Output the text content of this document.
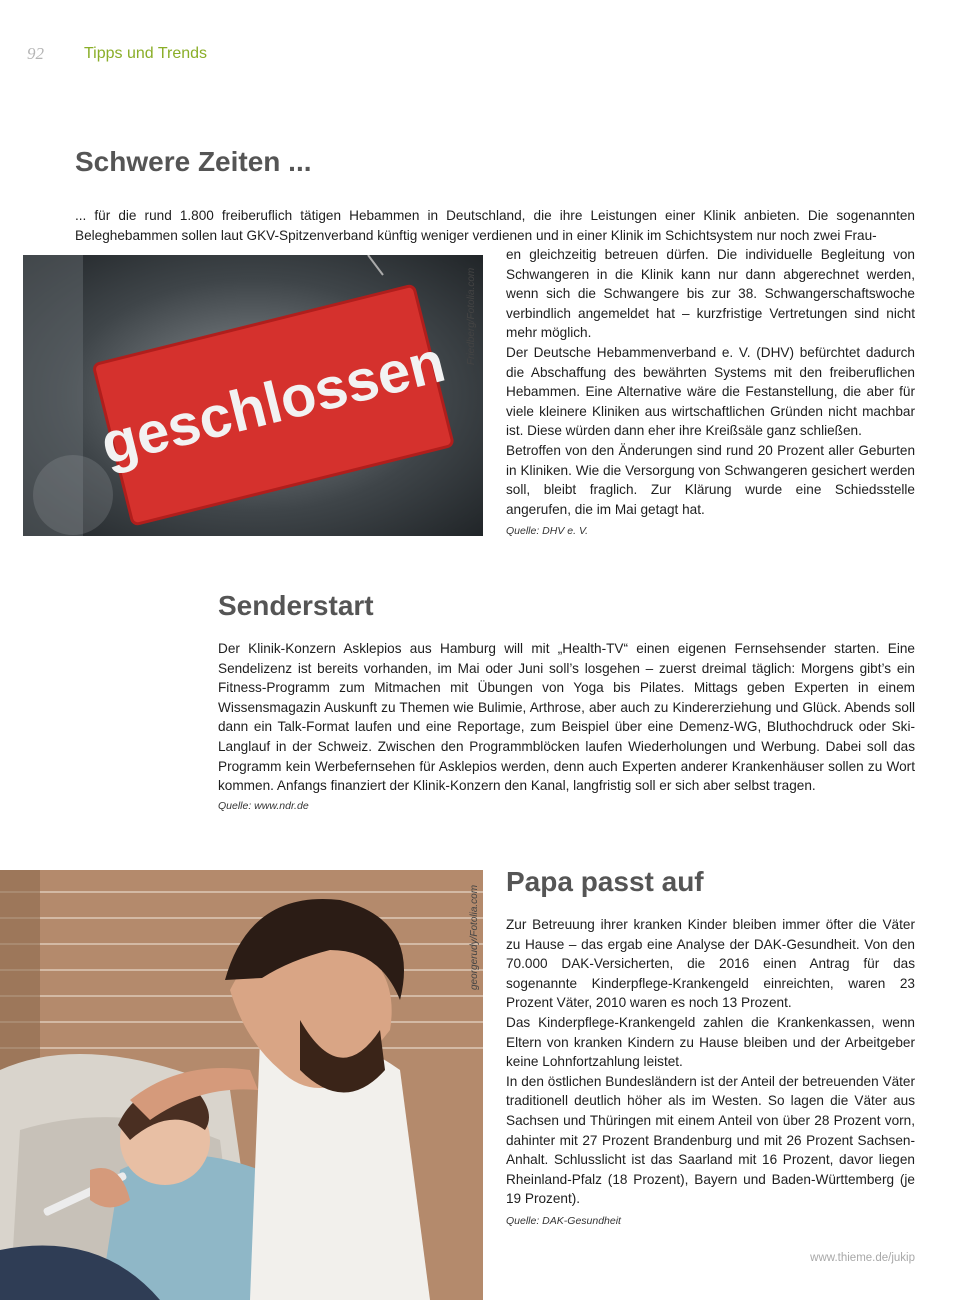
92	Tipps und Trends
Schwere Zeiten ...

... für die rund 1.800 freiberuflich tätigen Hebammen in Deutschland, die ihre Leistungen einer Klinik anbieten. Die sogenannten Beleghebammen sollen laut GKV-Spitzenverband künftig weniger verdienen und in einer Klinik im Schichtsystem nur noch zwei Frau-

geschlossen
Friedberg/Fotolia.com

en gleichzeitig betreuen dürfen. Die individuelle Begleitung von Schwangeren in die Klinik kann nur dann abgerechnet werden, wenn sich die Schwangere bis zur 38. Schwangerschaftswoche verbindlich angemeldet hat – kurzfristige Vertretungen sind nicht mehr möglich.

Der Deutsche Hebammenverband e. V. (DHV) befürchtet dadurch die Abschaffung des bewährten Systems mit den freiberuflichen Hebammen. Eine Alternative wäre die Festanstellung, die aber für viele kleinere Kliniken aus wirtschaftlichen Gründen nicht machbar ist. Diese würden dann eher ihre Kreißsäle ganz schließen.

Betroffen von den Änderungen sind rund 20 Prozent aller Geburten in Kliniken. Wie die Versorgung von Schwangeren gesichert werden soll, bleibt fraglich. Zur Klärung wurde eine Schiedsstelle angerufen, die im Mai getagt hat.

Quelle: DHV e. V.

Senderstart

Der Klinik-Konzern Asklepios aus Hamburg will mit „Health-TV“ einen eigenen Fernsehsender starten. Eine Sendelizenz ist bereits vorhanden, im Mai oder Juni soll’s losgehen – zuerst dreimal täglich: Morgens gibt’s ein Fitness-Programm zum Mitmachen mit Übungen von Yoga bis Pilates. Mittags geben Experten in einem Wissensmagazin Auskunft zu Themen wie Bulimie, Arthrose, aber auch zu Kindererziehung und Glück. Abends soll dann ein Talk-Format laufen und eine Reportage, zum Beispiel über eine Demenz-WG, Bluthochdruck oder Ski-Langlauf in der Schweiz. Zwischen den Programmblöcken laufen Wiederholungen und Werbung. Dabei soll das Programm kein Werbefernsehen für Asklepios werden, denn auch Experten anderer Krankenhäuser sollen zu Wort kommen. Anfangs finanziert der Klinik-Konzern den Kanal, langfristig soll er sich aber selbst tragen.

Quelle: www.ndr.de

georgerudy/Fotolia.com
Papa passt auf

Zur Betreuung ihrer kranken Kinder bleiben immer öfter die Väter zu Hause – das ergab eine Analyse der DAK-Gesundheit. Von den 70.000 DAK-Versicherten, die 2016 einen Antrag für das sogenannte Kinderpflege-Krankengeld einreichten, waren 23 Prozent Väter, 2010 waren es noch 13 Prozent.

Das Kinderpflege-Krankengeld zahlen die Krankenkassen, wenn Eltern von kranken Kindern zu Hause bleiben und der Arbeitgeber keine Lohnfortzahlung leistet.

In den östlichen Bundesländern ist der Anteil der betreuenden Väter traditionell deutlich höher als im Westen. So lagen die Väter aus Sachsen und Thüringen mit einem Anteil von über 28 Prozent vorn, dahinter mit 27 Prozent Brandenburg und mit 26 Prozent Sachsen-Anhalt. Schlusslicht ist das Saarland mit 16 Prozent, davor liegen Rheinland-Pfalz (18 Prozent), Bayern und Baden-Württemberg (je 19 Prozent).

Quelle: DAK-Gesundheit

www.thieme.de/jukip
